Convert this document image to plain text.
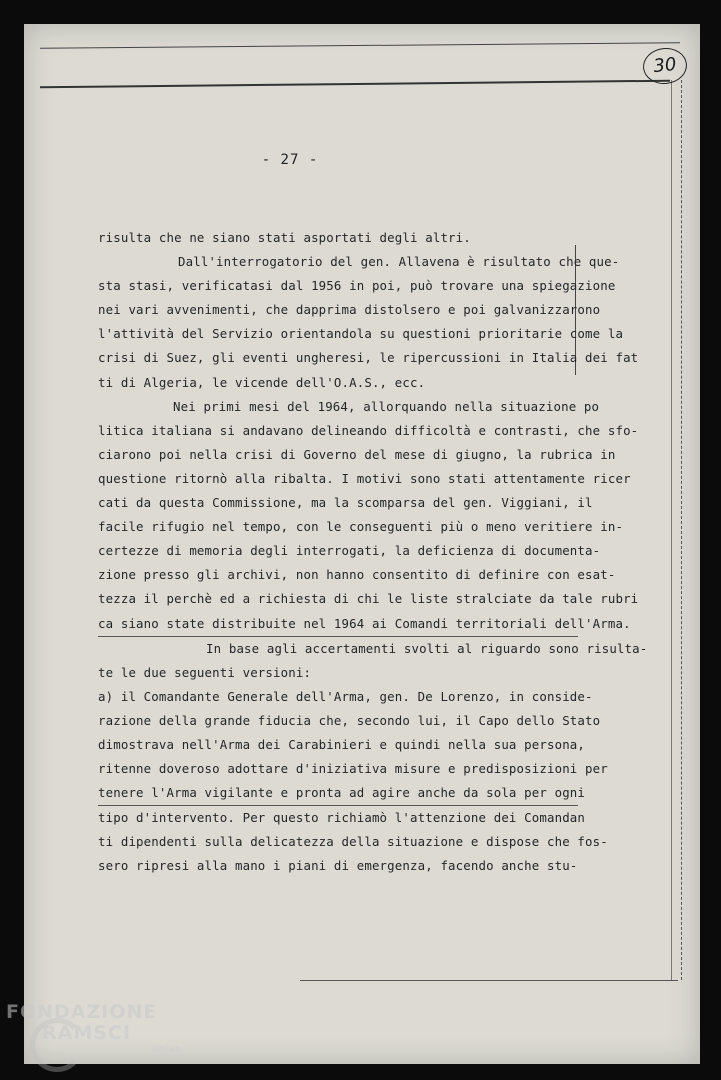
30
- 27 -
risulta che ne siano stati asportati degli altri.
Dall'interrogatorio del gen. Allavena è risultato che que-
sta stasi, verificatasi dal 1956 in poi, può trovare una spiegazione
nei vari avvenimenti, che dapprima distolsero e poi galvanizzarono
l'attività del Servizio orientandola su questioni prioritarie come la
crisi di Suez, gli eventi ungheresi, le ripercussioni in Italia dei fat
ti di Algeria, le vicende dell'O.A.S., ecc.
Nei primi mesi del 1964, allorquando nella situazione po
litica italiana si andavano delineando difficoltà e contrasti, che sfo-
ciarono poi nella crisi di Governo del mese di giugno, la rubrica in
questione ritornò alla ribalta. I motivi sono stati attentamente ricer
cati da questa Commissione, ma la scomparsa del gen. Viggiani, il
facile rifugio nel tempo, con le conseguenti più o meno veritiere in-
certezze di memoria degli interrogati, la deficienza di documenta-
zione presso gli archivi, non hanno consentito di definire con esat-
tezza il perchè ed a richiesta di chi le liste stralciate da tale rubri
ca siano state distribuite nel 1964 ai Comandi territoriali dell'Arma.
In base agli accertamenti svolti al riguardo sono risulta-
te le due seguenti versioni:
a) il Comandante Generale dell'Arma, gen. De Lorenzo, in conside-
razione della grande fiducia che, secondo lui, il Capo dello Stato
dimostrava nell'Arma dei Carabinieri e quindi nella sua persona,
ritenne doveroso adottare d'iniziativa misure e predisposizioni per
tenere l'Arma vigilante e pronta ad agire anche da sola per ogni
tipo d'intervento. Per questo richiamò l'attenzione dei Comandan
ti dipendenti sulla delicatezza della situazione e dispose che fos-
sero ripresi alla mano i piani di emergenza, facendo anche stu-
FONDAZIONE
RAMSCI
onlus
